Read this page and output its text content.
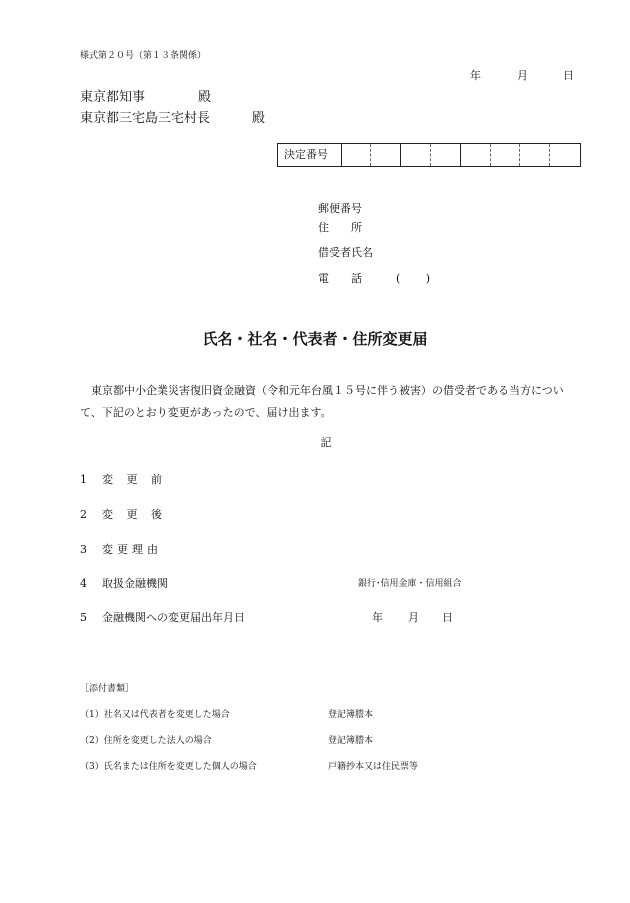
様式第２０号（第１３条関係）
年	月	日
東京都知事	殿
東京都三宅島三宅村長	殿
決定番号
郵便番号
住 所
借受者氏名
電 話	( )
氏名・社名・代表者・住所変更届
東京都中小企業災害復旧資金融資（令和元年台風１５号に伴う被害）の借受者である当方について、下記のとおり変更があったので、届け出ます。
記
1 変 更 前
2 変 更 後
3 変 更 理 由
4 取扱金融機関	銀行･信用金庫・信用組合
5 金融機関への変更届出年月日	年 月 日
［添付書類］
（1）社名又は代表者を変更した場合	登記簿謄本
（2）住所を変更した法人の場合	登記簿謄本
（3）氏名または住所を変更した個人の場合	戸籍抄本又は住民票等
